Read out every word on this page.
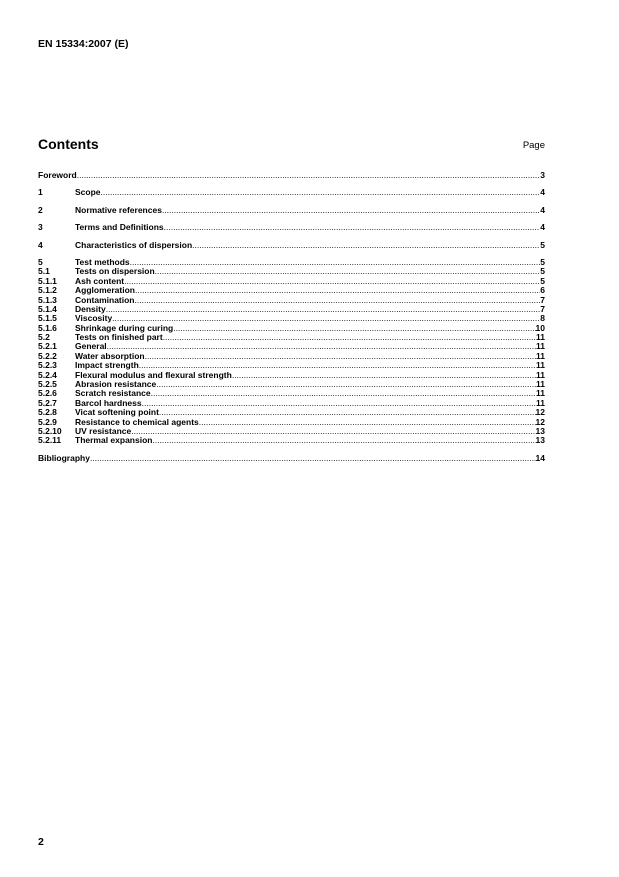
EN 15334:2007 (E)
Contents	Page
Foreword .....	3
1	Scope .....	4
2	Normative references .....	4
3	Terms and Definitions .....	4
4	Characteristics of dispersion .....	5
5	Test methods .....	5
5.1	Tests on dispersion .....	5
5.1.1	Ash content .....	5
5.1.2	Agglomeration .....	6
5.1.3	Contamination .....	7
5.1.4	Density .....	7
5.1.5	Viscosity .....	8
5.1.6	Shrinkage during curing .....	10
5.2	Tests on finished part .....	11
5.2.1	General .....	11
5.2.2	Water absorption .....	11
5.2.3	Impact strength .....	11
5.2.4	Flexural modulus and flexural strength .....	11
5.2.5	Abrasion resistance .....	11
5.2.6	Scratch resistance .....	11
5.2.7	Barcol hardness .....	11
5.2.8	Vicat softening point .....	12
5.2.9	Resistance to chemical agents .....	12
5.2.10	UV resistance .....	13
5.2.11	Thermal expansion .....	13
Bibliography .....	14
2
